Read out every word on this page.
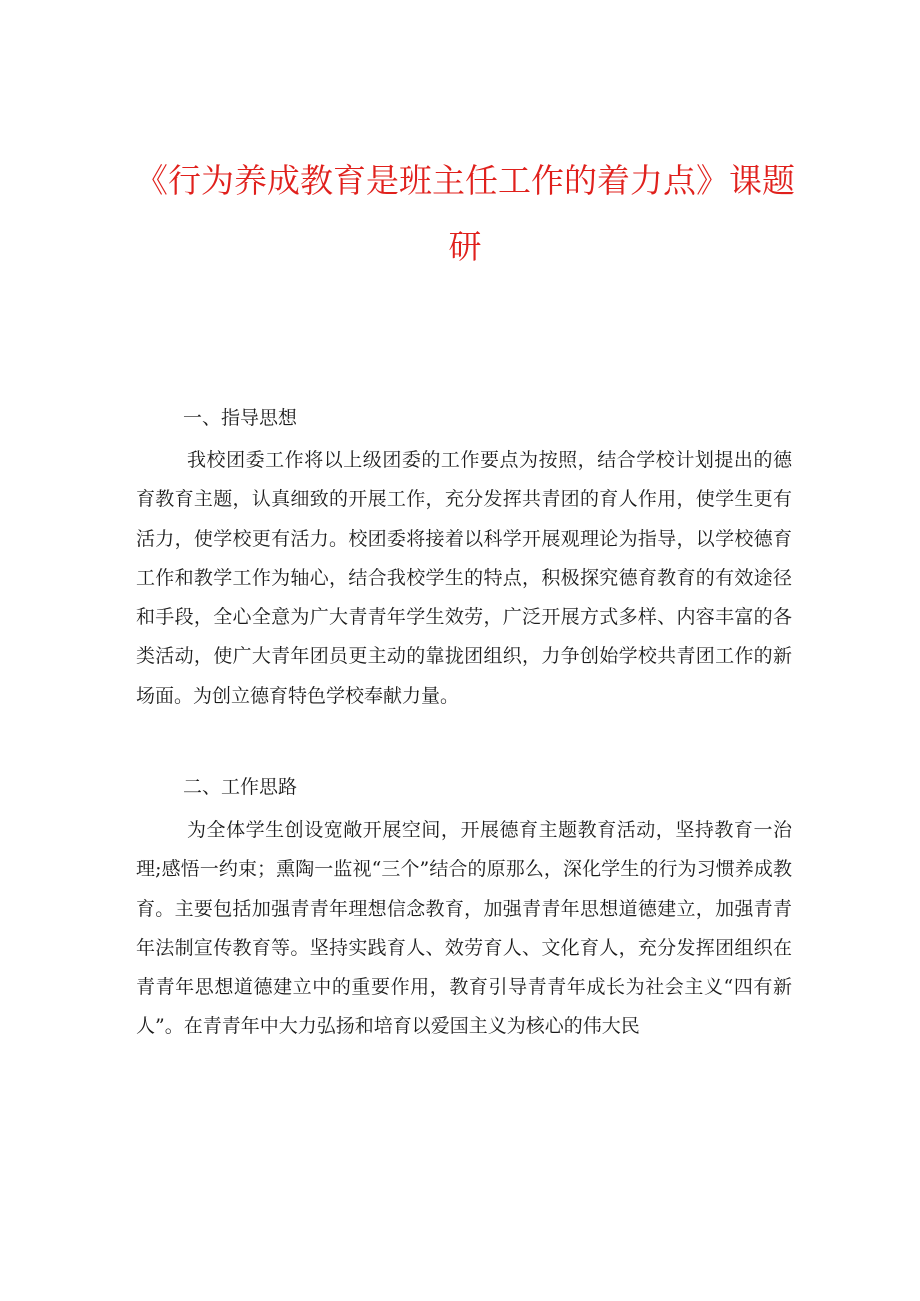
《行为养成教育是班主任工作的着力点》课题研

一、指导思想

我校团委工作将以上级团委的工作要点为按照，结合学校计划提出的德育教育主题，认真细致的开展工作，充分发挥共青团的育人作用，使学生更有活力，使学校更有活力。校团委将接着以科学开展观理论为指导，以学校德育工作和教学工作为轴心，结合我校学生的特点，积极探究德育教育的有效途径和手段，全心全意为广大青青年学生效劳，广泛开展方式多样、内容丰富的各类活动，使广大青年团员更主动的靠拢团组织，力争创始学校共青团工作的新场面。为创立德育特色学校奉献力量。

二、工作思路

为全体学生创设宽敞开展空间，开展德育主题教育活动，坚持教育一治理;感悟一约束；熏陶一监视“三个”结合的原那么，深化学生的行为习惯养成教育。主要包括加强青青年理想信念教育，加强青青年思想道德建立，加强青青年法制宣传教育等。坚持实践育人、效劳育人、文化育人，充分发挥团组织在青青年思想道德建立中的重要作用，教育引导青青年成长为社会主义“四有新人”。在青青年中大力弘扬和培育以爱国主义为核心的伟大民
